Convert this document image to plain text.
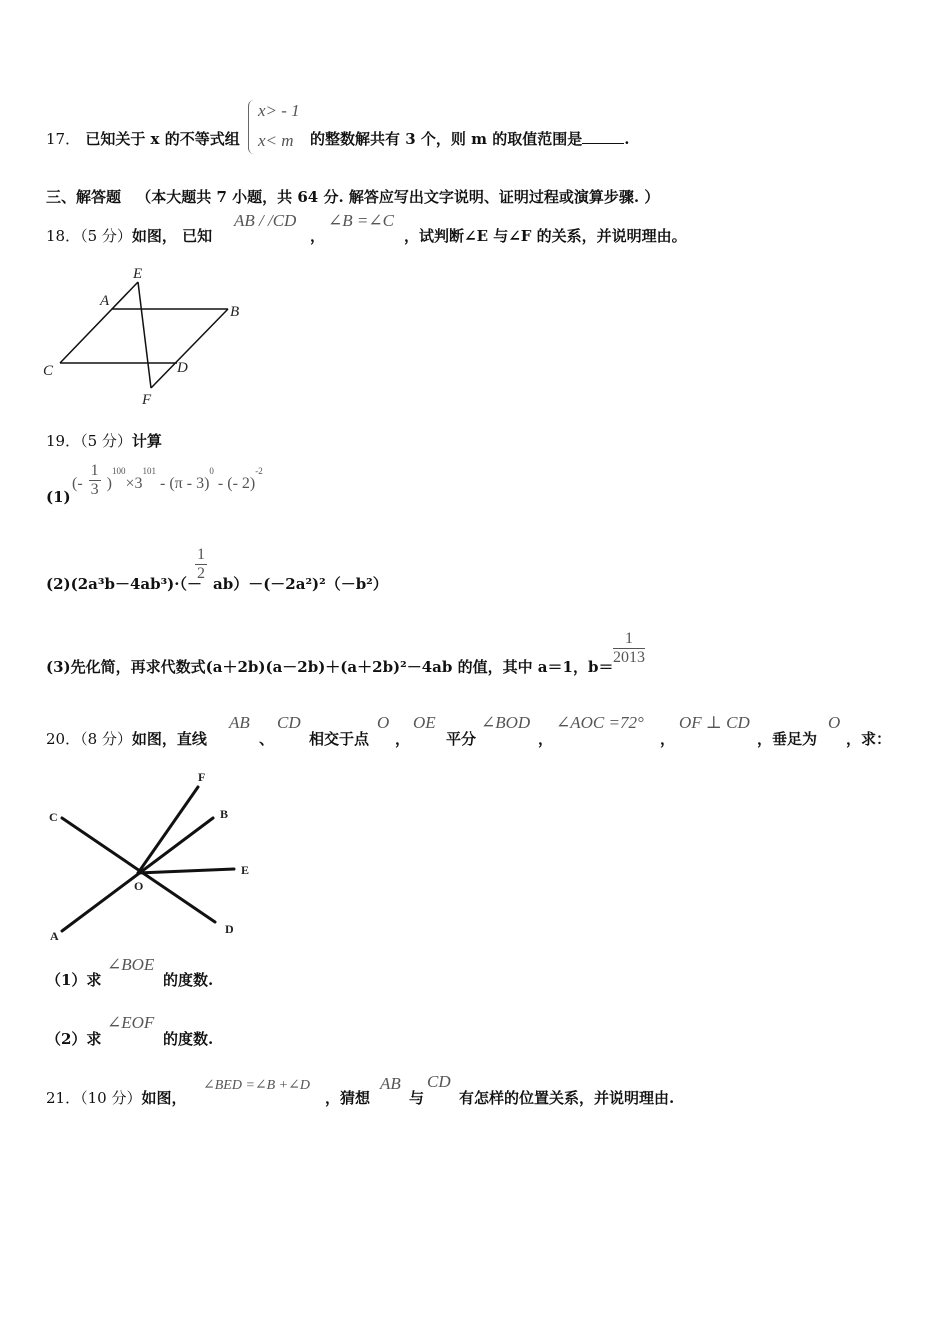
17． 已知关于 x 的不等式组
x> - 1
x< m 的整数解共有 3 个，则 m 的取值范围是	.
三、解答题 （本大题共 7 小题，共 64 分. 解答应写出文字说明、证明过程或演算步骤. ）
18．（5 分）如图， 已知
AB / /CD
，
∠B =∠C
，试判断∠E 与∠F 的关系，并说明理由。
E
A
B
C	D
F
19．（5 分）计算
(1)
(- $\frac{1}{3} )^{100}\times 3^{101} - (\pi - 3)^0$ - (- 2)$^{-2}$
(2)(2a³b－4ab³)·（－
$\frac{1}{2}$
ab）－(－2a²)²（－b²）
(3)先化简，再求代数式(a＋2b)(a－2b)＋(a＋2b)²－4ab 的值，其中 a＝1，$b= \frac{1}{2013}$
20．（8 分）如图，直线
AB
、
CD
相交于点
O
，
OE
平分
∠BOD
，
∠AOC =72°
，
OF ⊥ CD
，垂足为
O
，求：
F
B
C
E
O
A	D
（1）求
∠BOE
的度数.
（2）求
∠EOF
的度数.
21．（10 分）如图，
∠BED =∠B +∠D
，猜想
AB
与
CD
有怎样的位置关系，并说明理由.
